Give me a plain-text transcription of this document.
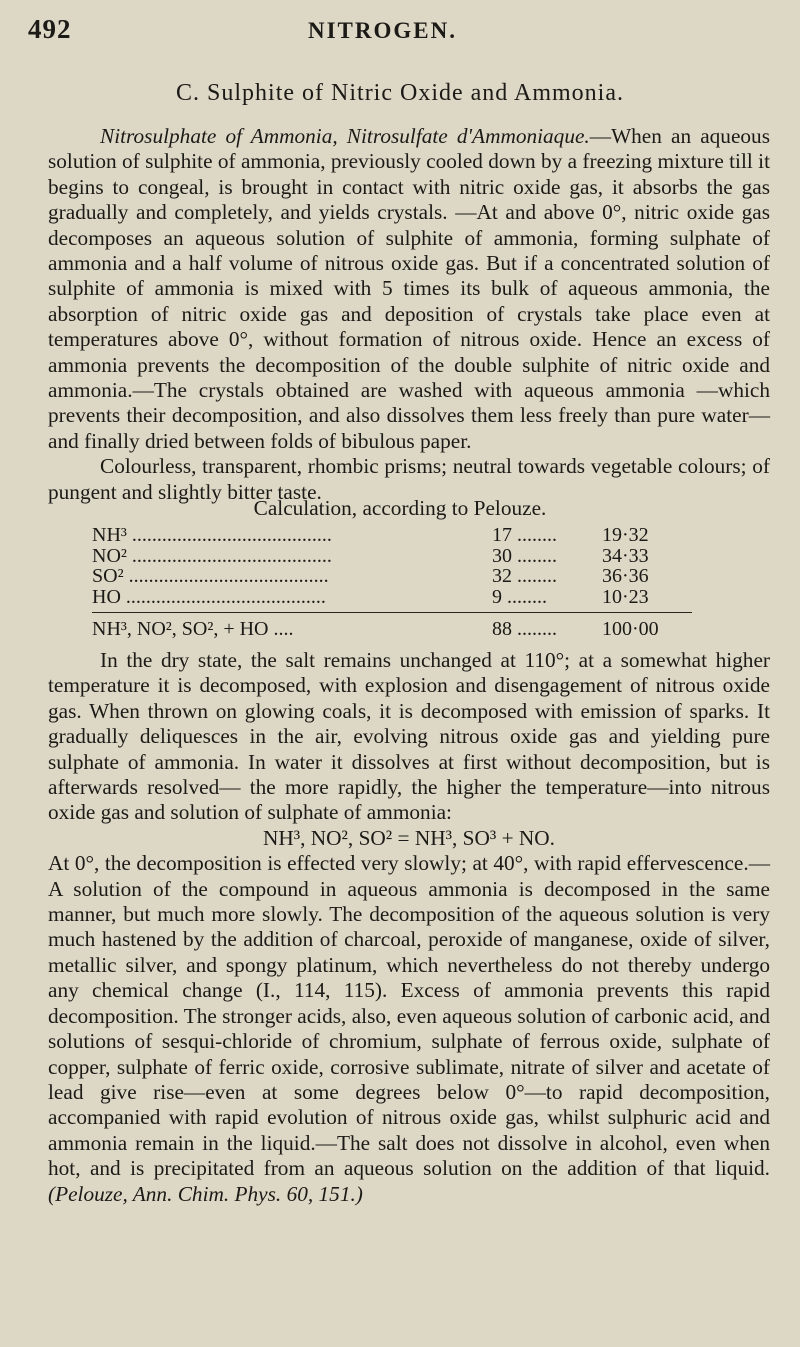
492	NITROGEN.
C. Sulphite of Nitric Oxide and Ammonia.
Nitrosulphate of Ammonia, Nitrosulfate d'Ammoniaque.—When an aqueous solution of sulphite of ammonia, previously cooled down by a freezing mixture till it begins to congeal, is brought in contact with nitric oxide gas, it absorbs the gas gradually and completely, and yields crystals. —At and above 0°, nitric oxide gas decomposes an aqueous solution of sulphite of ammonia, forming sulphate of ammonia and a half volume of nitrous oxide gas. But if a concentrated solution of sulphite of ammonia is mixed with 5 times its bulk of aqueous ammonia, the absorption of nitric oxide gas and deposition of crystals take place even at temperatures above 0°, without formation of nitrous oxide. Hence an excess of ammonia prevents the decomposition of the double sulphite of nitric oxide and ammonia.—The crystals obtained are washed with aqueous ammonia —which prevents their decomposition, and also dissolves them less freely than pure water—and finally dried between folds of bibulous paper.
Colourless, transparent, rhombic prisms; neutral towards vegetable colours; of pungent and slightly bitter taste.
Calculation, according to Pelouze.
NH³ ........................................	17 ........ 19·32
NO² ........................................	30 ........ 34·33
SO² ........................................	32 ........ 36·36
HO ........................................	9 ........	10·23
NH³, NO², SO², + HO ....	88 ........ 100·00
In the dry state, the salt remains unchanged at 110°; at a somewhat higher temperature it is decomposed, with explosion and disengagement of nitrous oxide gas. When thrown on glowing coals, it is decomposed with emission of sparks. It gradually deliquesces in the air, evolving nitrous oxide gas and yielding pure sulphate of ammonia. In water it dissolves at first without decomposition, but is afterwards resolved— the more rapidly, the higher the temperature—into nitrous oxide gas and solution of sulphate of ammonia:
NH³, NO², SO² = NH³, SO³ + NO.
At 0°, the decomposition is effected very slowly; at 40°, with rapid effervescence.—A solution of the compound in aqueous ammonia is decomposed in the same manner, but much more slowly. The decomposition of the aqueous solution is very much hastened by the addition of charcoal, peroxide of manganese, oxide of silver, metallic silver, and spongy platinum, which nevertheless do not thereby undergo any chemical change (I., 114, 115). Excess of ammonia prevents this rapid decomposition. The stronger acids, also, even aqueous solution of carbonic acid, and solutions of sesqui-chloride of chromium, sulphate of ferrous oxide, sulphate of copper, sulphate of ferric oxide, corrosive sublimate, nitrate of silver and acetate of lead give rise—even at some degrees below 0°—to rapid decomposition, accompanied with rapid evolution of nitrous oxide gas, whilst sulphuric acid and ammonia remain in the liquid.—The salt does not dissolve in alcohol, even when hot, and is precipitated from an aqueous solution on the addition of that liquid. (Pelouze, Ann. Chim. Phys. 60, 151.)
